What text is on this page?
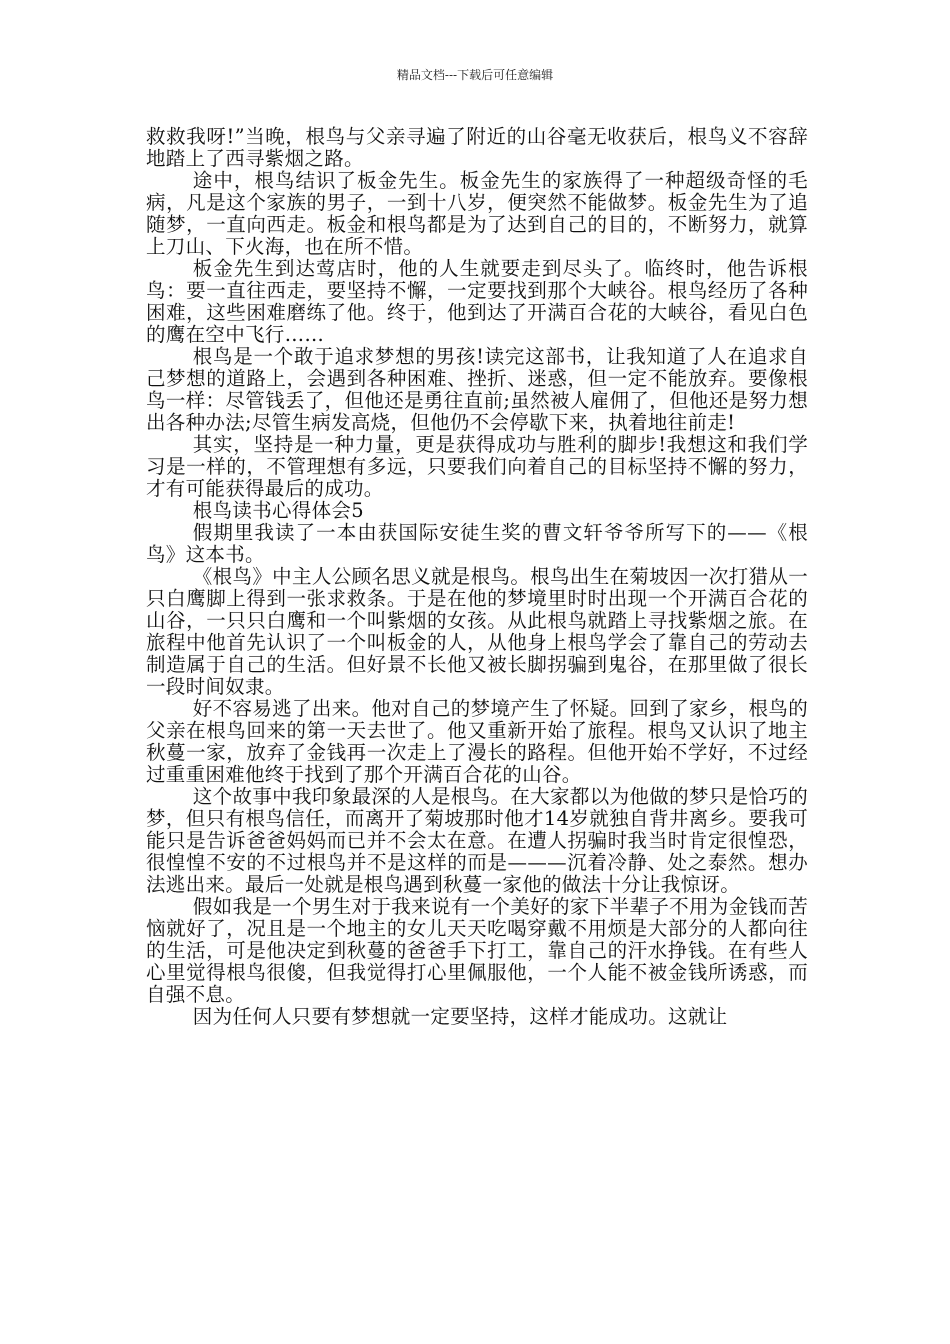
精品文档---下载后可任意编辑

救救我呀!”当晚，根鸟与父亲寻遍了附近的山谷毫无收获后，根鸟义不容辞地踏上了西寻紫烟之路。

途中，根鸟结识了板金先生。板金先生的家族得了一种超级奇怪的毛病，凡是这个家族的男子，一到十八岁，便突然不能做梦。板金先生为了追随梦，一直向西走。板金和根鸟都是为了达到自己的目的，不断努力，就算上刀山、下火海，也在所不惜。

板金先生到达莺店时，他的人生就要走到尽头了。临终时，他告诉根鸟：要一直往西走，要坚持不懈，一定要找到那个大峡谷。根鸟经历了各种困难，这些困难磨练了他。终于，他到达了开满百合花的大峡谷，看见白色的鹰在空中飞行……

根鸟是一个敢于追求梦想的男孩!读完这部书，让我知道了人在追求自己梦想的道路上，会遇到各种困难、挫折、迷惑，但一定不能放弃。要像根鸟一样：尽管钱丢了，但他还是勇往直前;虽然被人雇佣了，但他还是努力想出各种办法;尽管生病发高烧，但他仍不会停歇下来，执着地往前走!

其实，坚持是一种力量，更是获得成功与胜利的脚步!我想这和我们学习是一样的，不管理想有多远，只要我们向着自己的目标坚持不懈的努力，才有可能获得最后的成功。

根鸟读书心得体会5

假期里我读了一本由获国际安徒生奖的曹文轩爷爷所写下的——《根鸟》这本书。

《根鸟》中主人公顾名思义就是根鸟。根鸟出生在菊坡因一次打猎从一只白鹰脚上得到一张求救条。于是在他的梦境里时时出现一个开满百合花的山谷，一只只白鹰和一个叫紫烟的女孩。从此根鸟就踏上寻找紫烟之旅。在旅程中他首先认识了一个叫板金的人，从他身上根鸟学会了靠自己的劳动去制造属于自己的生活。但好景不长他又被长脚拐骗到鬼谷，在那里做了很长一段时间奴隶。

好不容易逃了出来。他对自己的梦境产生了怀疑。回到了家乡，根鸟的父亲在根鸟回来的第一天去世了。他又重新开始了旅程。根鸟又认识了地主秋蔓一家，放弃了金钱再一次走上了漫长的路程。但他开始不学好，不过经过重重困难他终于找到了那个开满百合花的山谷。

这个故事中我印象最深的人是根鸟。在大家都以为他做的梦只是恰巧的梦，但只有根鸟信任，而离开了菊坡那时他才14岁就独自背井离乡。要我可能只是告诉爸爸妈妈而已并不会太在意。在遭人拐骗时我当时肯定很惶恐，很惶惶不安的不过根鸟并不是这样的而是———沉着冷静、处之泰然。想办法逃出来。最后一处就是根鸟遇到秋蔓一家他的做法十分让我惊讶。

假如我是一个男生对于我来说有一个美好的家下半辈子不用为金钱而苦恼就好了，况且是一个地主的女儿天天吃喝穿戴不用烦是大部分的人都向往的生活，可是他决定到秋蔓的爸爸手下打工，靠自己的汗水挣钱。在有些人心里觉得根鸟很傻，但我觉得打心里佩服他，一个人能不被金钱所诱惑，而自强不息。

因为任何人只要有梦想就一定要坚持，这样才能成功。这就让
